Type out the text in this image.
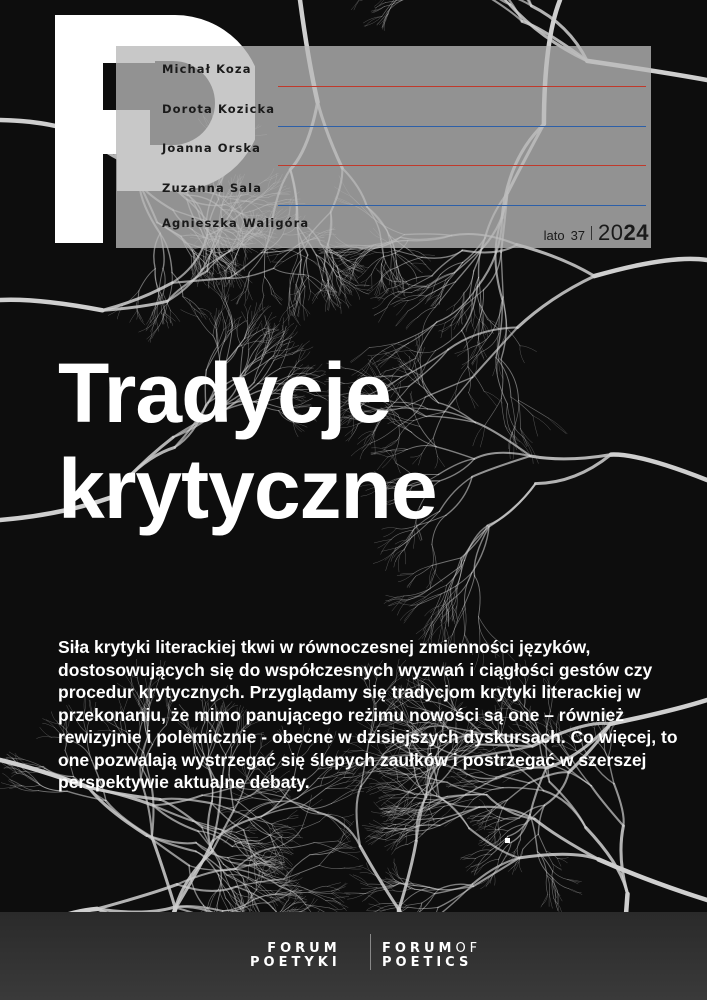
Michał Koza
Dorota Kozicka
Joanna Orska
Zuzanna Sala
Agnieszka Waligóra
lato 37 2024
Tradycje
krytyczne
Siła krytyki literackiej tkwi w równoczesnej zmienności języków, dostosowujących się do współczesnych wyzwań i ciągłości gestów czy procedur krytycznych. Przyglądamy się tradycjom krytyki literackiej w przekonaniu, że mimo panującego reżimu nowości są one – również rewizyjnie i polemicznie - obecne w dzisiejszych dyskursach. Co więcej, to one pozwalają wystrzegać się ślepych zaułków i postrzegać w szerszej perspektywie aktualne debaty.
FORUM
POETYKI
FORUMOF
POETICS
